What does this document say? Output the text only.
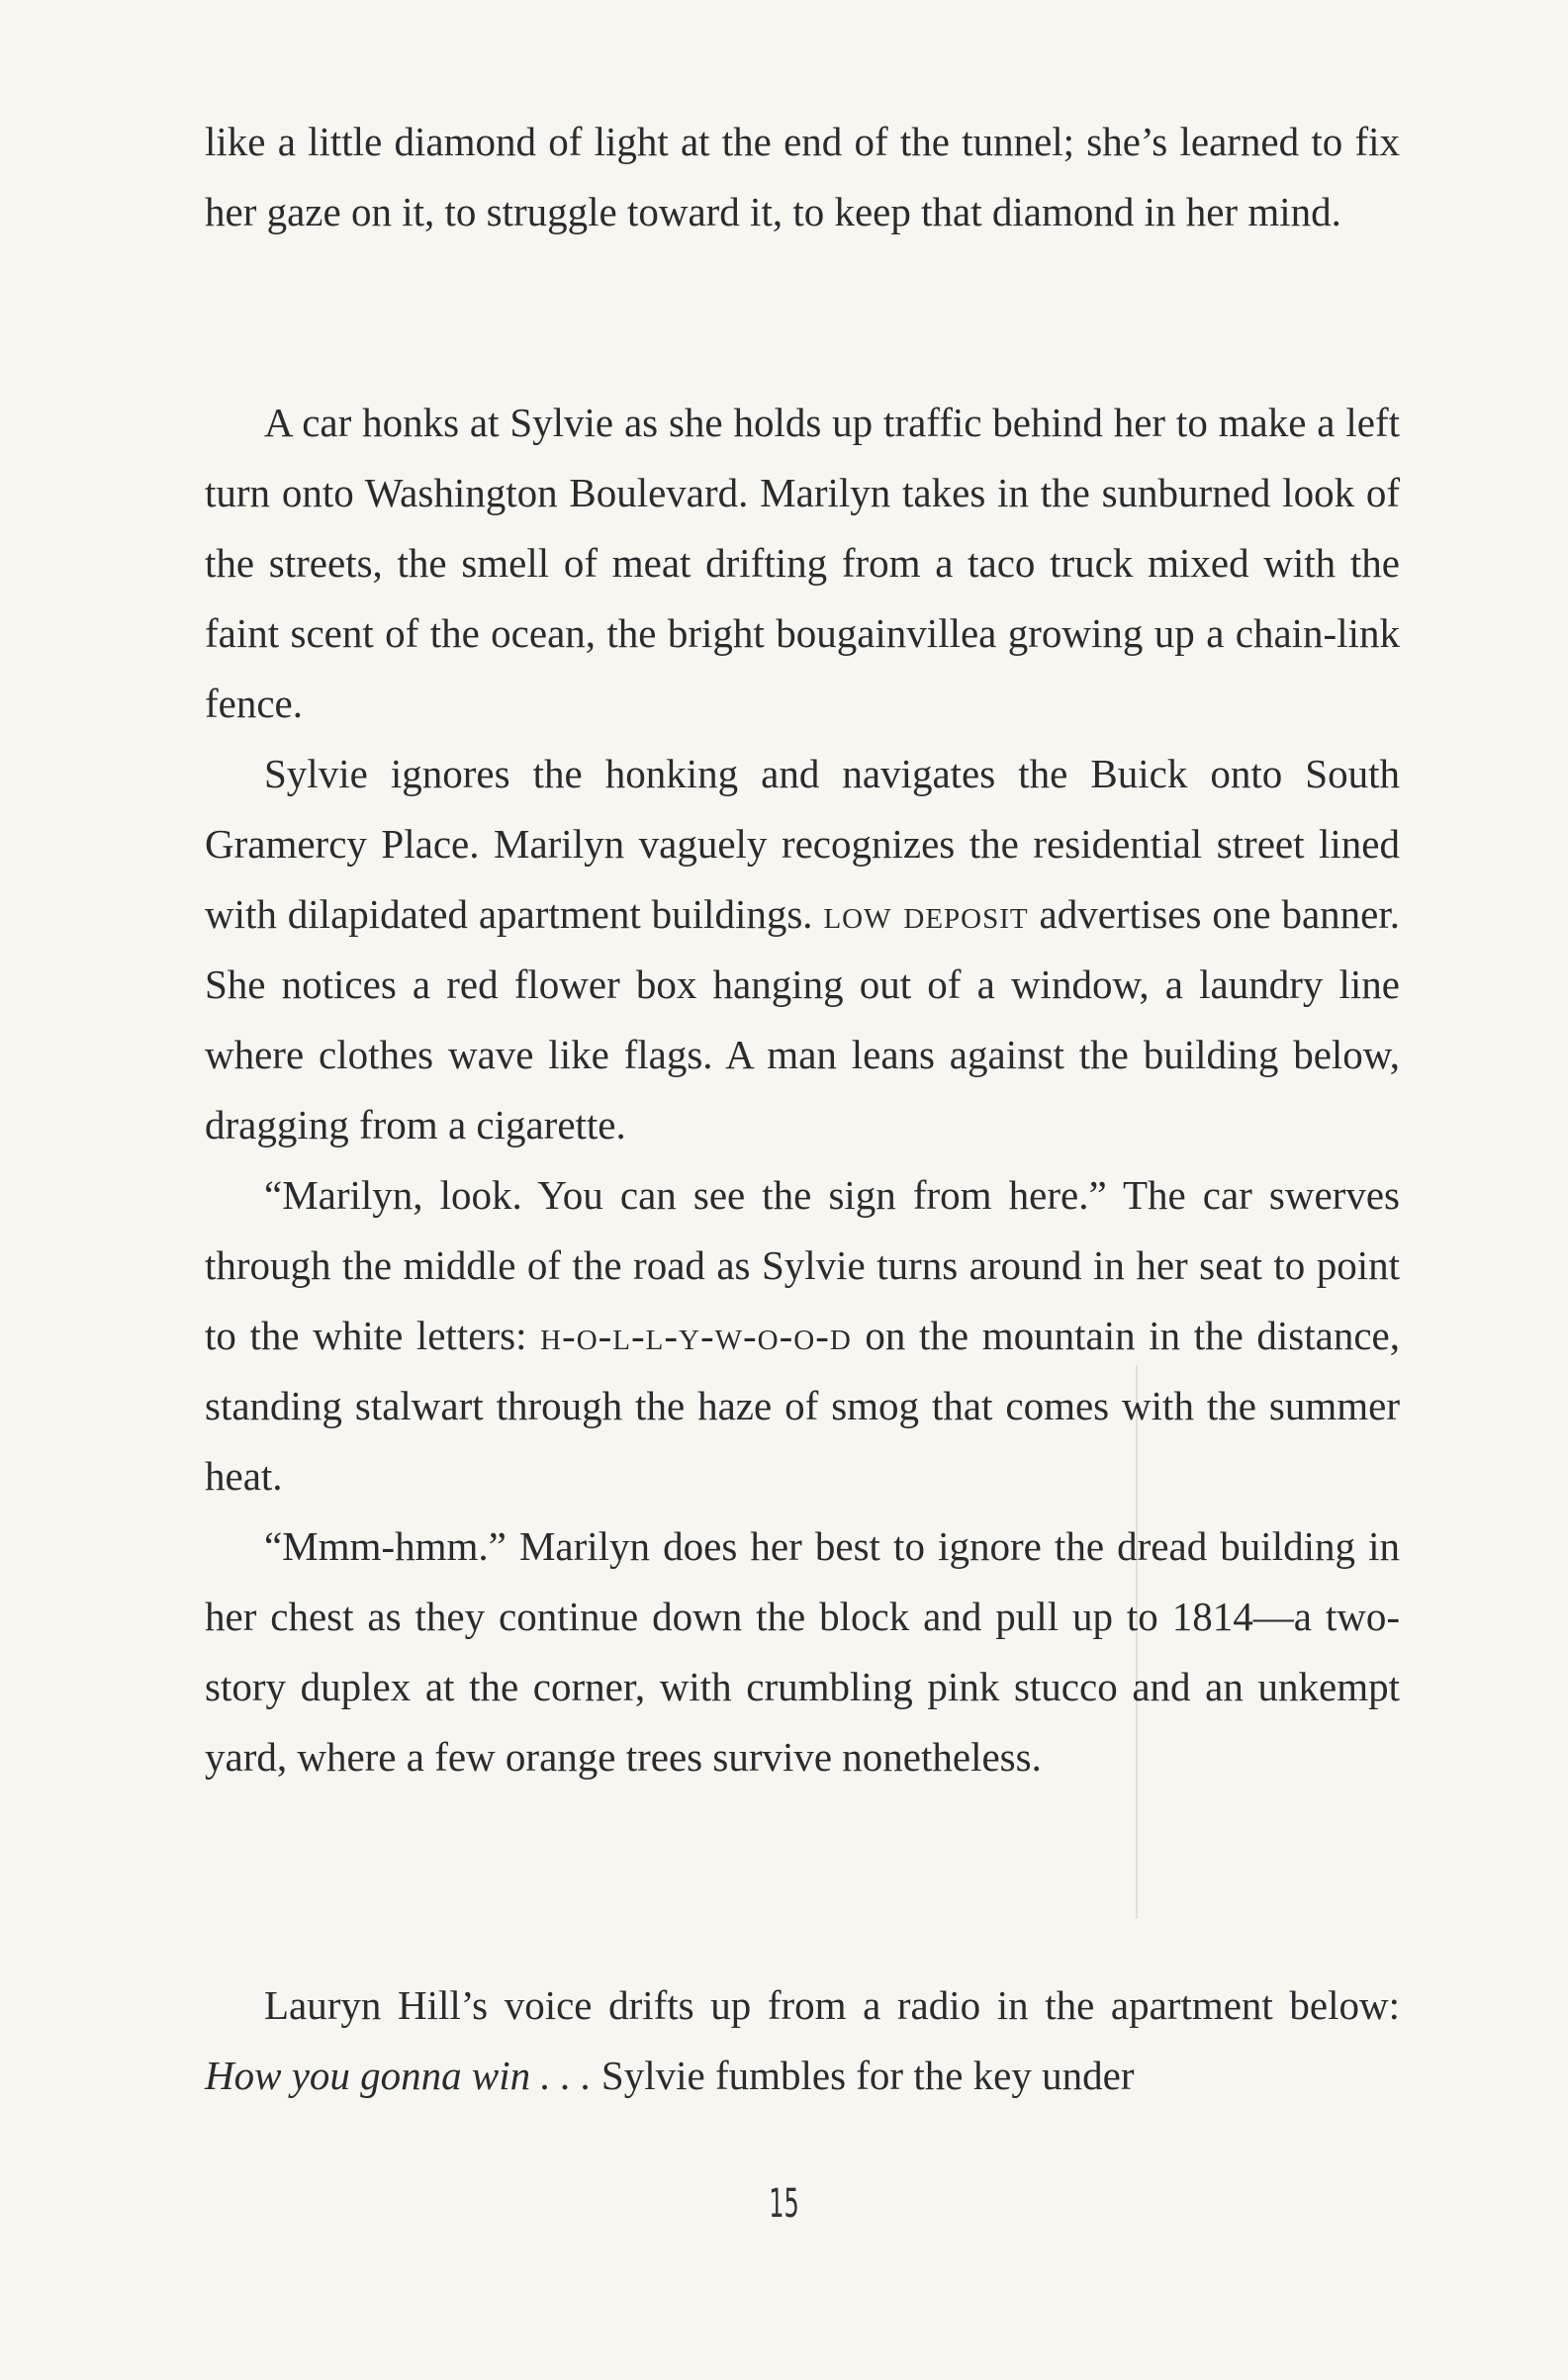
like a little diamond of light at the end of the tunnel; she’s learned to fix her gaze on it, to struggle toward it, to keep that diamond in her mind.

A car honks at Sylvie as she holds up traffic behind her to make a left turn onto Washington Boulevard. Marilyn takes in the sunburned look of the streets, the smell of meat drifting from a taco truck mixed with the faint scent of the ocean, the bright bougainvillea growing up a chain-link fence.

Sylvie ignores the honking and navigates the Buick onto South Gramercy Place. Marilyn vaguely recognizes the residential street lined with dilapidated apartment buildings. low deposit advertises one banner. She notices a red flower box hanging out of a window, a laundry line where clothes wave like flags. A man leans against the building below, dragging from a cigarette.

“Marilyn, look. You can see the sign from here.” The car swerves through the middle of the road as Sylvie turns around in her seat to point to the white letters: h-o-l-l-y-w-o-o-d on the mountain in the distance, standing stalwart through the haze of smog that comes with the summer heat.

“Mmm-hmm.” Marilyn does her best to ignore the dread building in her chest as they continue down the block and pull up to 1814—a two-story duplex at the corner, with crumbling pink stucco and an unkempt yard, where a few orange trees survive nonetheless.

Lauryn Hill’s voice drifts up from a radio in the apartment below: How you gonna win . . . Sylvie fumbles for the key under

15
